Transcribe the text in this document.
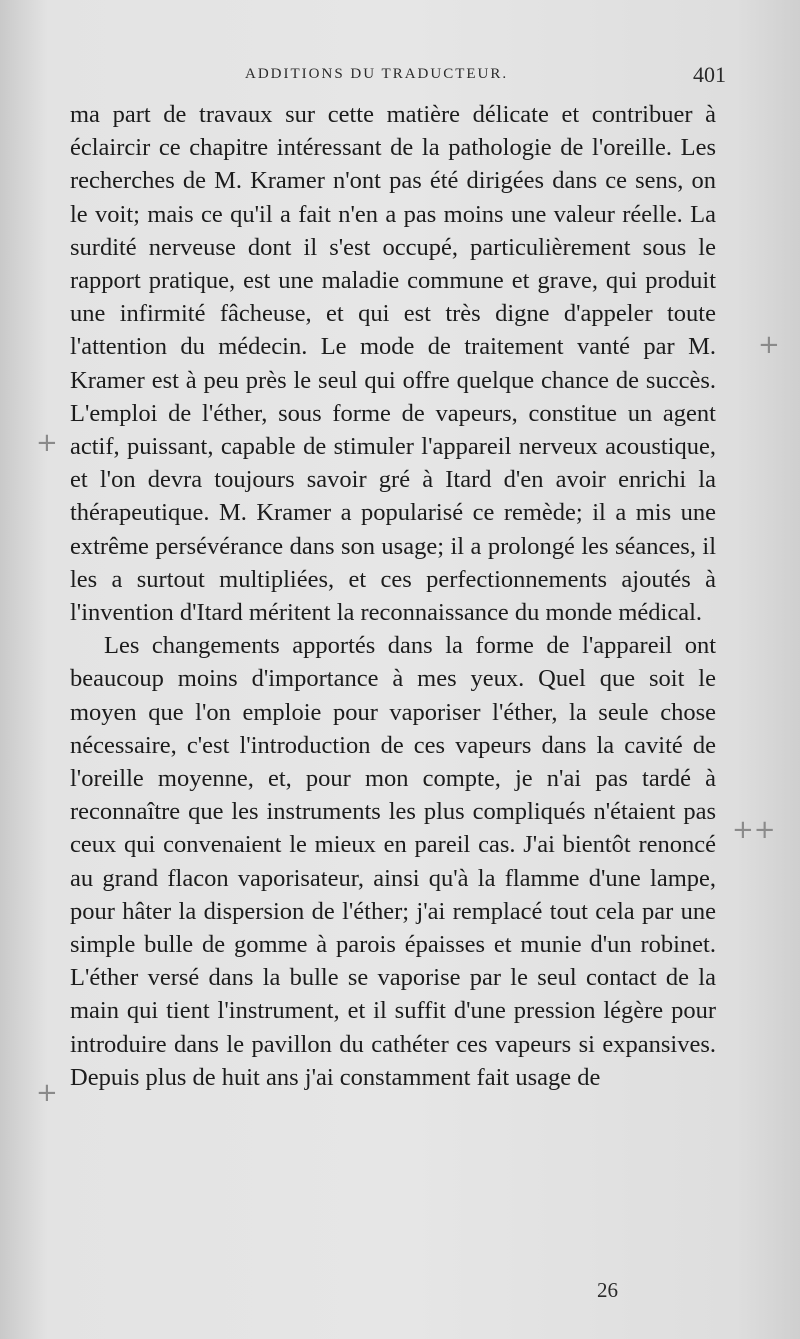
ADDITIONS DU TRADUCTEUR.	401

ma part de travaux sur cette matière délicate et contribuer à éclaircir ce chapitre intéressant de la pathologie de l'oreille. Les recherches de M. Kramer n'ont pas été dirigées dans ce sens, on le voit; mais ce qu'il a fait n'en a pas moins une valeur réelle. La surdité nerveuse dont il s'est occupé, particulièrement sous le rapport pratique, est une maladie commune et grave, qui produit une infirmité fâcheuse, et qui est très digne d'appeler toute l'attention du médecin. Le mode de traitement vanté par M. Kramer est à peu près le seul qui offre quelque chance de succès. L'emploi de l'éther, sous forme de vapeurs, constitue un agent actif, puissant, capable de stimuler l'appareil nerveux acoustique, et l'on devra toujours savoir gré à Itard d'en avoir enrichi la thérapeutique. M. Kramer a popularisé ce remède; il a mis une extrême persévérance dans son usage; il a prolongé les séances, il les a surtout multipliées, et ces perfectionnements ajoutés à l'invention d'Itard méritent la reconnaissance du monde médical.

Les changements apportés dans la forme de l'appareil ont beaucoup moins d'importance à mes yeux. Quel que soit le moyen que l'on emploie pour vaporiser l'éther, la seule chose nécessaire, c'est l'introduction de ces vapeurs dans la cavité de l'oreille moyenne, et, pour mon compte, je n'ai pas tardé à reconnaître que les instruments les plus compliqués n'étaient pas ceux qui convenaient le mieux en pareil cas. J'ai bientôt renoncé au grand flacon vaporisateur, ainsi qu'à la flamme d'une lampe, pour hâter la dispersion de l'éther; j'ai remplacé tout cela par une simple bulle de gomme à parois épaisses et munie d'un robinet. L'éther versé dans la bulle se vaporise par le seul contact de la main qui tient l'instrument, et il suffit d'une pression légère pour introduire dans le pavillon du cathéter ces vapeurs si expansives. Depuis plus de huit ans j'ai constamment fait usage de

26
+
+
++
+
